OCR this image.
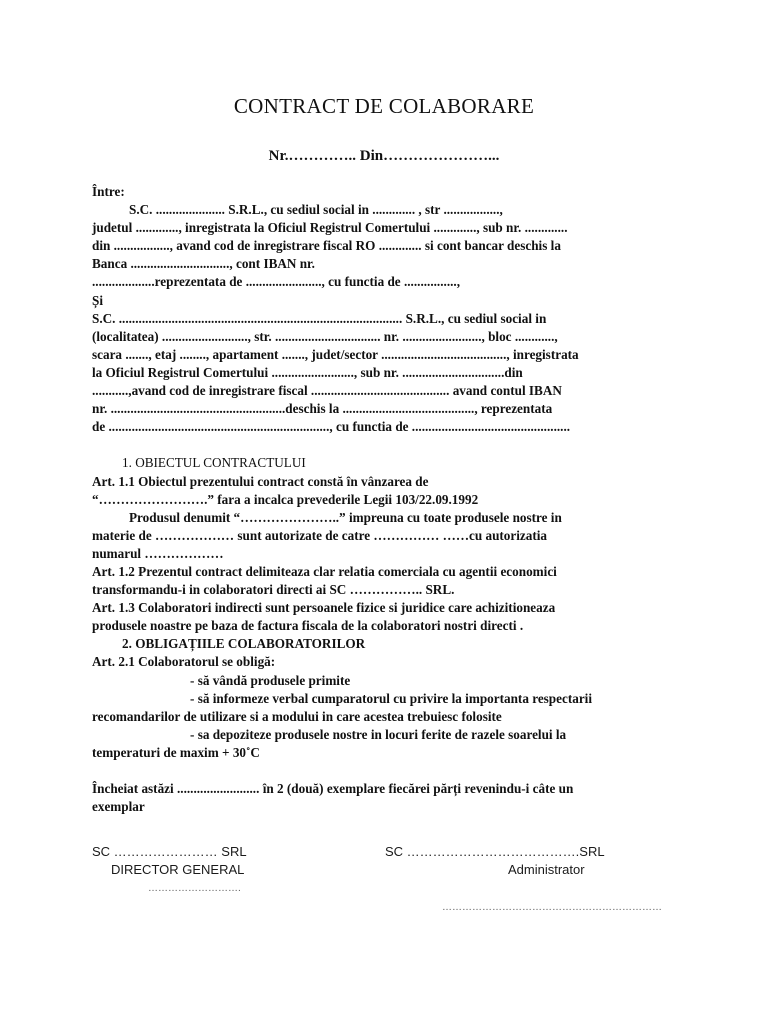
CONTRACT DE COLABORARE
Nr.………….. Din…………………...
Între:
S.C. ..................... S.R.L., cu sediul social in ............. , str .................,
judetul ............., inregistrata la Oficiul Registrul Comertului ............., sub nr. .............
din ................., avand cod de inregistrare fiscal RO ............. si cont bancar deschis la
Banca .............................., cont IBAN nr.
...................reprezentata de ......................., cu functia de ................,
Și
S.C. ...................................................................................... S.R.L., cu sediul social in
(localitatea) .........................., str. ................................ nr. ........................, bloc ............,
scara ......., etaj ........, apartament ......., judet/sector ......................................, inregistrata
la Oficiul Registrul Comertului ........................., sub nr. ...............................din
...........,avand cod de inregistrare fiscal .......................................... avand contul IBAN
nr. .....................................................deschis la ........................................, reprezentata
de ..................................................................., cu functia de ................................................
1. OBIECTUL CONTRACTULUI
Art. 1.1 Obiectul prezentului contract constă în vânzarea de
“…………………….” fara a incalca prevederile Legii 103/22.09.1992
Produsul denumit “…………………..” impreuna cu toate produsele nostre in
materie de ……………… sunt autorizate de catre …………… ……cu autorizatia
numarul ………………
Art. 1.2 Prezentul contract delimiteaza clar relatia comerciala cu agentii economici
transformandu-i in colaboratori directi ai SC …………….. SRL.
Art. 1.3 Colaboratori indirecti sunt persoanele fizice si juridice care achizitioneaza
produsele noastre pe baza de factura fiscala de la colaboratori nostri directi .
2. OBLIGAȚIILE COLABORATORILOR
Art. 2.1 Colaboratorul se obligă:
- să vândă produsele primite
- să informeze verbal cumparatorul cu privire la importanta respectarii
recomandarilor de utilizare si a modului in care acestea trebuiesc folosite
- sa depoziteze produsele nostre in locuri ferite de razele soarelui la
temperaturi de maxim + 30˚C
Încheiat astăzi ......................... în 2 (două) exemplare fiecărei părți revenindu-i câte un
exemplar
SC …………………… SRL
DIRECTOR GENERAL
……………………….
SC ………………………………….SRL
Administrator
…………………………………………………………
